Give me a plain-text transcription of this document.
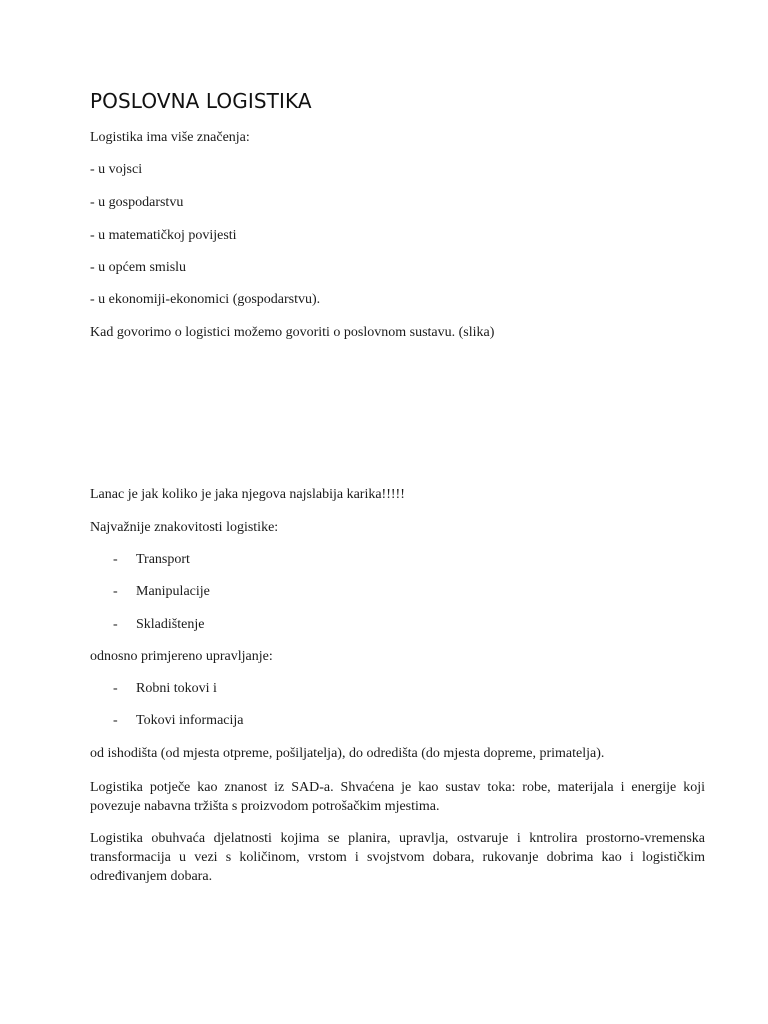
POSLOVNA LOGISTIKA
Logistika ima više značenja:
- u vojsci
- u gospodarstvu
- u matematičkoj povijesti
- u općem smislu
- u ekonomiji-ekonomici (gospodarstvu).
Kad govorimo o logistici možemo govoriti o poslovnom sustavu. (slika)
Lanac je jak koliko je jaka njegova najslabija karika!!!!!
Najvažnije znakovitosti logistike:
- Transport
- Manipulacije
- Skladištenje
odnosno primjereno upravljanje:
- Robni tokovi i
- Tokovi informacija
od ishodišta (od mjesta otpreme, pošiljatelja), do odredišta (do mjesta dopreme, primatelja).
Logistika potječe kao znanost iz SAD-a. Shvaćena je kao sustav toka: robe, materijala i energije koji povezuje nabavna tržišta s proizvodom potrošačkim mjestima.
Logistika obuhvaća djelatnosti kojima se planira, upravlja, ostvaruje i kntrolira prostorno-vremenska transformacija u vezi s količinom, vrstom i svojstvom dobara, rukovanje dobrima kao i logističkim određivanjem dobara.
